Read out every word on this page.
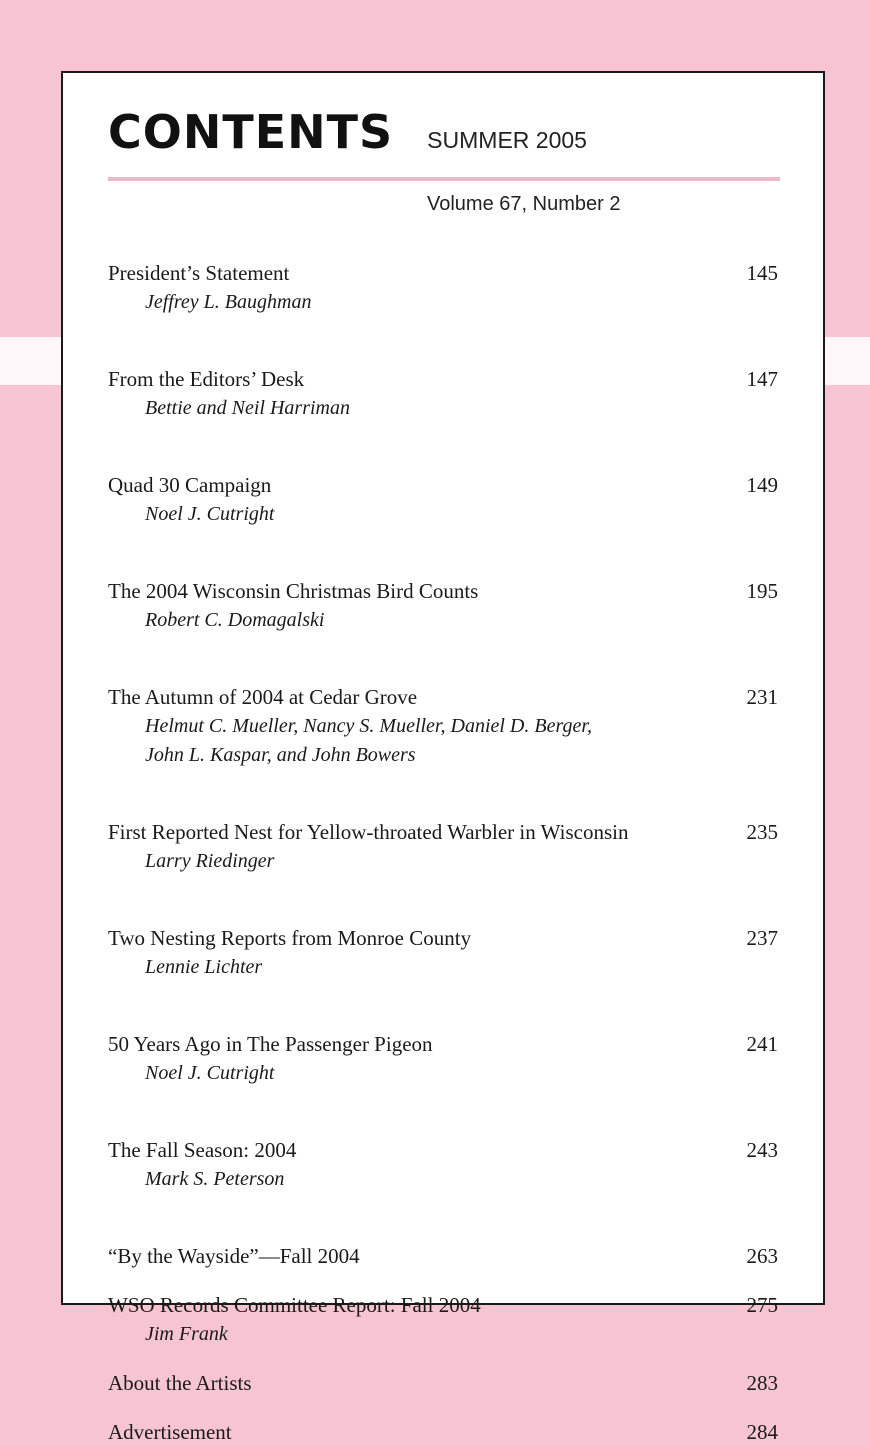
CONTENTS SUMMER 2005
Volume 67, Number 2
President’s Statement	145
Jeffrey L. Baughman
From the Editors’ Desk	147
Bettie and Neil Harriman
Quad 30 Campaign	149
Noel J. Cutright
The 2004 Wisconsin Christmas Bird Counts	195
Robert C. Domagalski
The Autumn of 2004 at Cedar Grove	231
Helmut C. Mueller, Nancy S. Mueller, Daniel D. Berger,
John L. Kaspar, and John Bowers
First Reported Nest for Yellow-throated Warbler in Wisconsin	235
Larry Riedinger
Two Nesting Reports from Monroe County	237
Lennie Lichter
50 Years Ago in The Passenger Pigeon	241
Noel J. Cutright
The Fall Season: 2004	243
Mark S. Peterson
“By the Wayside”—Fall 2004	263
WSO Records Committee Report: Fall 2004	275
Jim Frank
About the Artists	283
Advertisement	284
